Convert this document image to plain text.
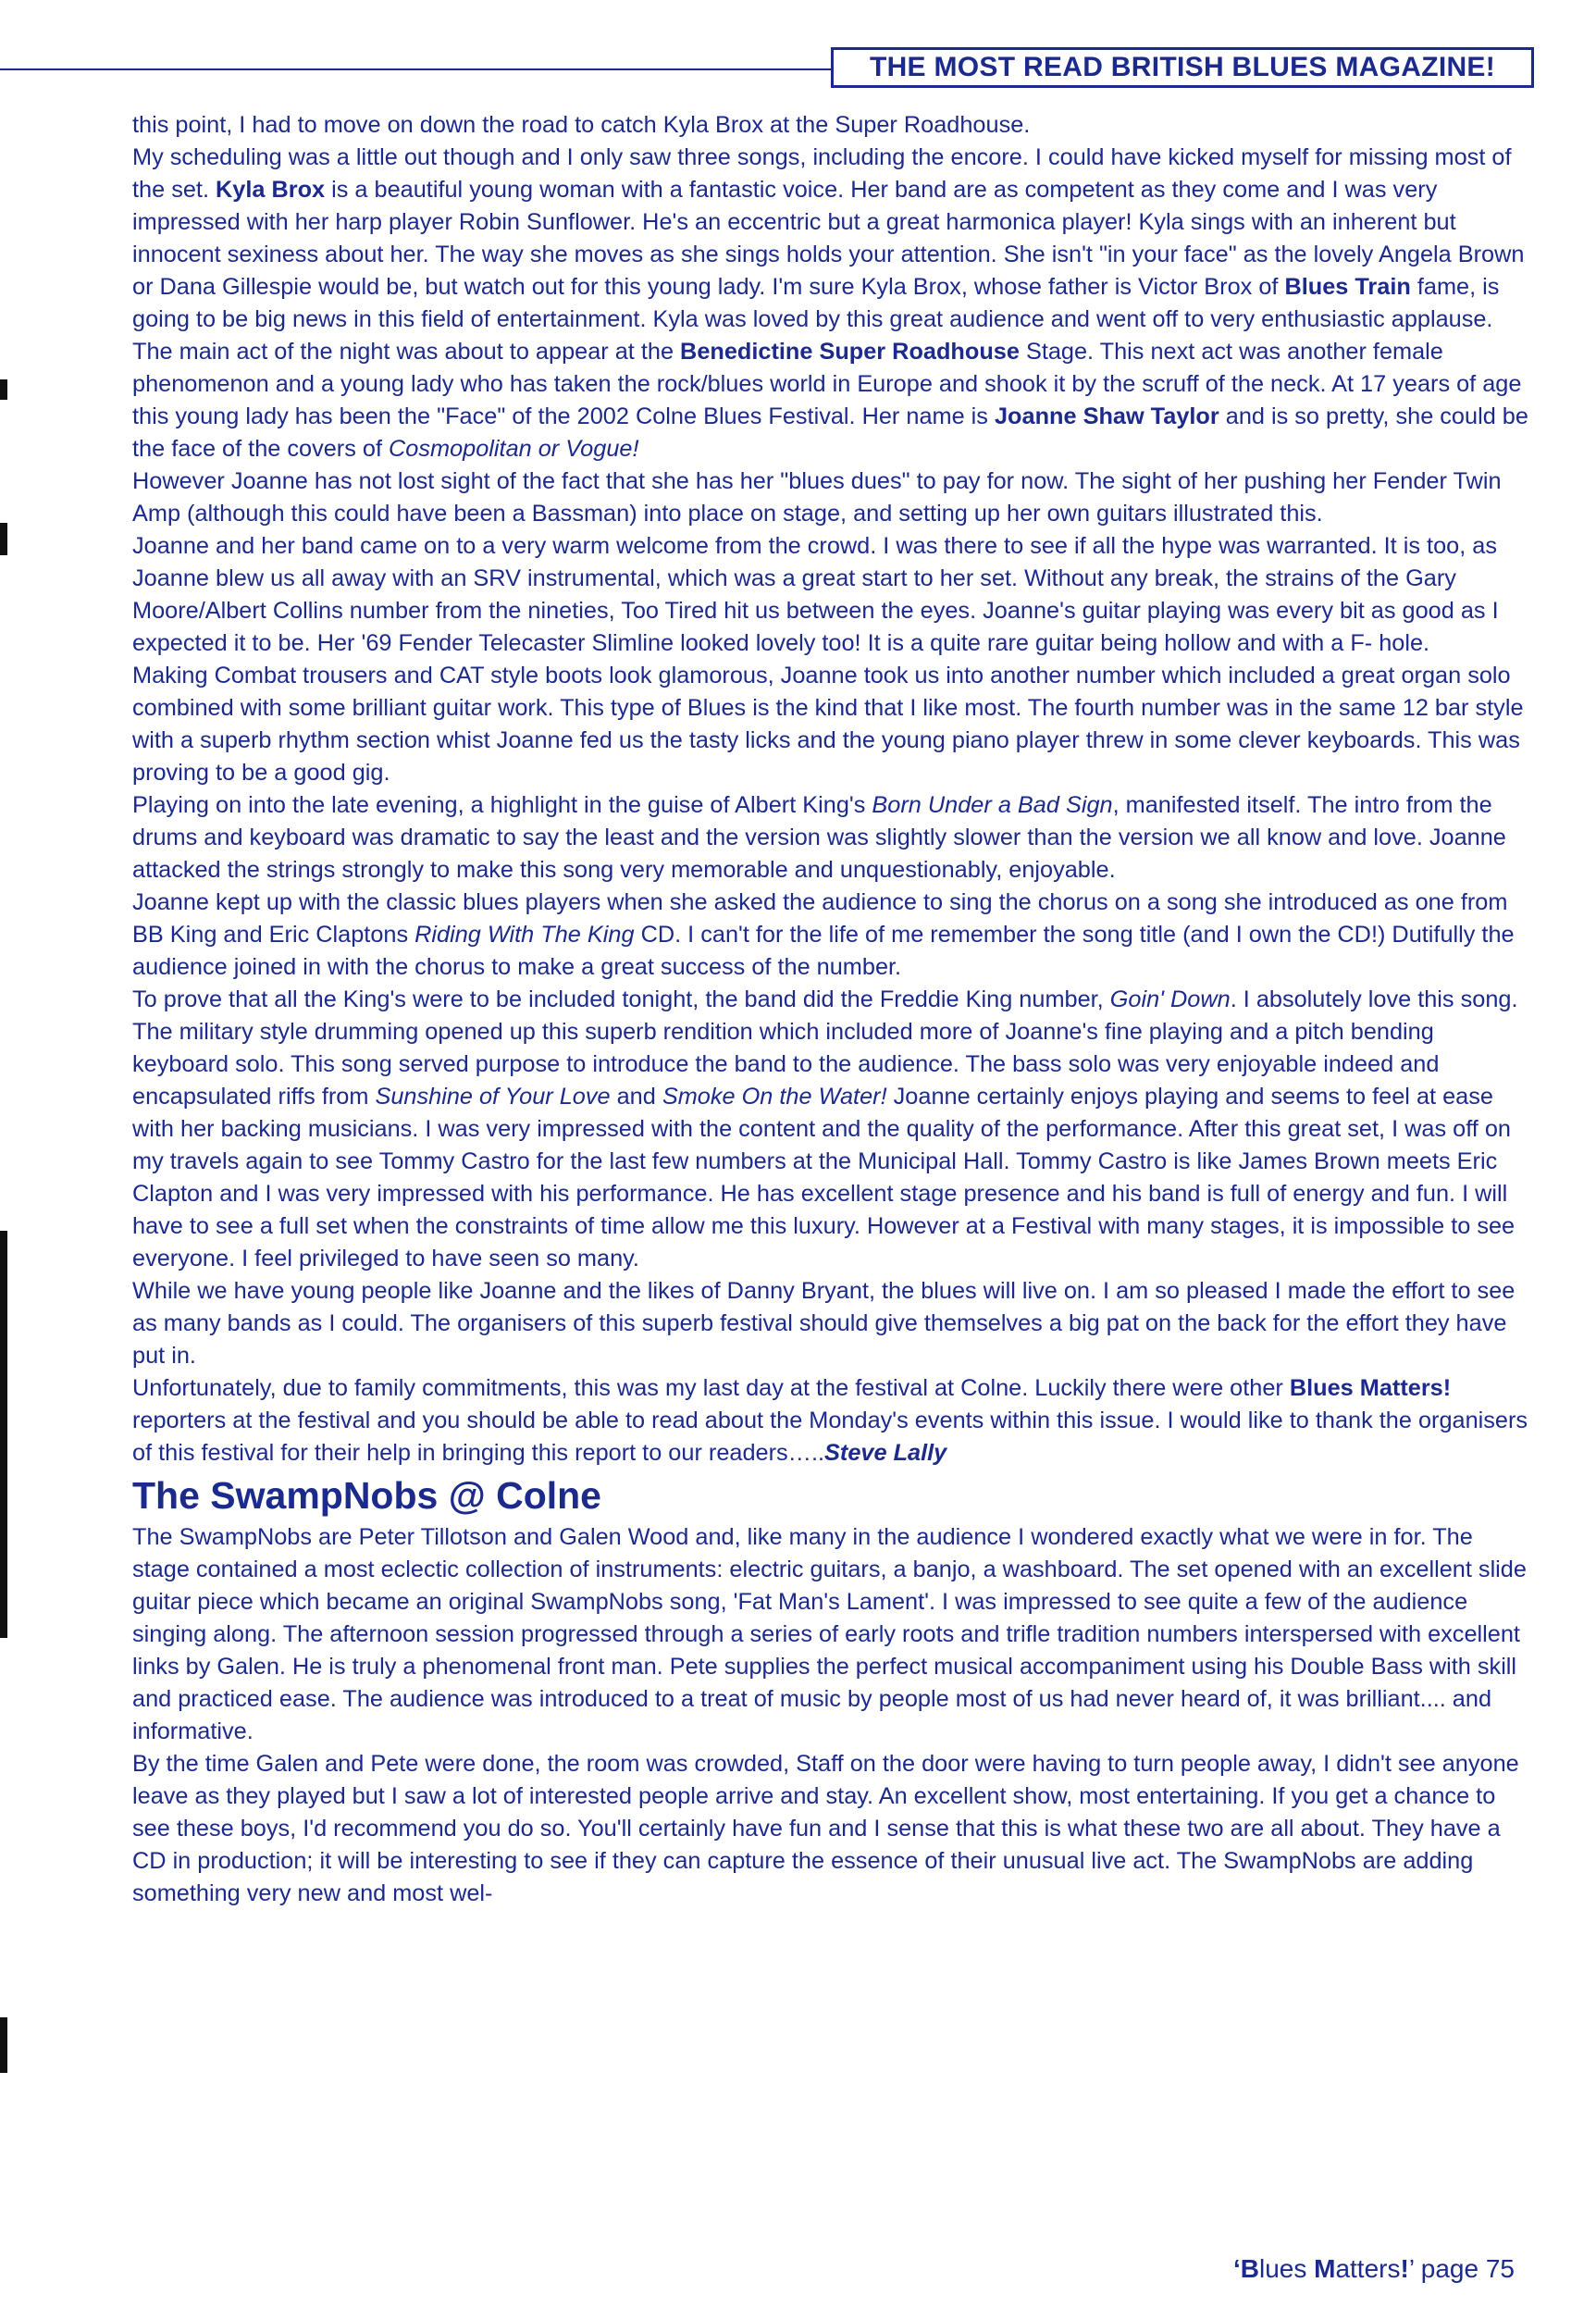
THE MOST READ BRITISH BLUES MAGAZINE!

this point, I had to move on down the road to catch Kyla Brox at the Super Roadhouse.

My scheduling was a little out though and I only saw three songs, including the encore. I could have kicked myself for missing most of the set. Kyla Brox is a beautiful young woman with a fantastic voice. Her band are as competent as they come and I was very impressed with her harp player Robin Sunflower. He's an eccentric but a great harmonica player! Kyla sings with an inherent but innocent sexiness about her. The way she moves as she sings holds your attention. She isn't "in your face" as the lovely Angela Brown or Dana Gillespie would be, but watch out for this young lady. I'm sure Kyla Brox, whose father is Victor Brox of Blues Train fame, is going to be big news in this field of entertainment. Kyla was loved by this great audience and went off to very enthusiastic applause. The main act of the night was about to appear at the Benedictine Super Roadhouse Stage. This next act was another female phenomenon and a young lady who has taken the rock/blues world in Europe and shook it by the scruff of the neck. At 17 years of age this young lady has been the "Face" of the 2002 Colne Blues Festival. Her name is Joanne Shaw Taylor and is so pretty, she could be the face of the covers of Cosmopolitan or Vogue!

However Joanne has not lost sight of the fact that she has her "blues dues" to pay for now. The sight of her pushing her Fender Twin Amp (although this could have been a Bassman) into place on stage, and setting up her own guitars illustrated this.

Joanne and her band came on to a very warm welcome from the crowd. I was there to see if all the hype was warranted. It is too, as Joanne blew us all away with an SRV instrumental, which was a great start to her set. Without any break, the strains of the Gary Moore/Albert Collins number from the nineties, Too Tired hit us between the eyes. Joanne's guitar playing was every bit as good as I expected it to be. Her '69 Fender Telecaster Slimline looked lovely too! It is a quite rare guitar being hollow and with a F- hole.

Making Combat trousers and CAT style boots look glamorous, Joanne took us into another number which included a great organ solo combined with some brilliant guitar work. This type of Blues is the kind that I like most. The fourth number was in the same 12 bar style with a superb rhythm section whist Joanne fed us the tasty licks and the young piano player threw in some clever keyboards. This was proving to be a good gig.

Playing on into the late evening, a highlight in the guise of Albert King's Born Under a Bad Sign, manifested itself. The intro from the drums and keyboard was dramatic to say the least and the version was slightly slower than the version we all know and love. Joanne attacked the strings strongly to make this song very memorable and unquestionably, enjoyable.

Joanne kept up with the classic blues players when she asked the audience to sing the chorus on a song she introduced as one from BB King and Eric Claptons Riding With The King CD. I can't for the life of me remember the song title (and I own the CD!) Dutifully the audience joined in with the chorus to make a great success of the number.

To prove that all the King's were to be included tonight, the band did the Freddie King number, Goin' Down. I absolutely love this song. The military style drumming opened up this superb rendition which included more of Joanne's fine playing and a pitch bending keyboard solo. This song served purpose to introduce the band to the audience. The bass solo was very enjoyable indeed and encapsulated riffs from Sunshine of Your Love and Smoke On the Water! Joanne certainly enjoys playing and seems to feel at ease with her backing musicians. I was very impressed with the content and the quality of the performance. After this great set, I was off on my travels again to see Tommy Castro for the last few numbers at the Municipal Hall. Tommy Castro is like James Brown meets Eric Clapton and I was very impressed with his performance. He has excellent stage presence and his band is full of energy and fun. I will have to see a full set when the constraints of time allow me this luxury. However at a Festival with many stages, it is impossible to see everyone. I feel privileged to have seen so many.

While we have young people like Joanne and the likes of Danny Bryant, the blues will live on. I am so pleased I made the effort to see as many bands as I could. The organisers of this superb festival should give themselves a big pat on the back for the effort they have put in.

Unfortunately, due to family commitments, this was my last day at the festival at Colne. Luckily there were other Blues Matters! reporters at the festival and you should be able to read about the Monday's events within this issue. I would like to thank the organisers of this festival for their help in bringing this report to our readers…..Steve Lally

The SwampNobs @ Colne

The SwampNobs are Peter Tillotson and Galen Wood and, like many in the audience I wondered exactly what we were in for. The stage contained a most eclectic collection of instruments: electric guitars, a banjo, a washboard. The set opened with an excellent slide guitar piece which became an original SwampNobs song, 'Fat Man's Lament'. I was impressed to see quite a few of the audience singing along. The afternoon session progressed through a series of early roots and trifle tradition numbers interspersed with excellent links by Galen. He is truly a phenomenal front man. Pete supplies the perfect musical accompaniment using his Double Bass with skill and practiced ease. The audience was introduced to a treat of music by people most of us had never heard of, it was brilliant.... and informative.

By the time Galen and Pete were done, the room was crowded, Staff on the door were having to turn people away, I didn't see anyone leave as they played but I saw a lot of interested people arrive and stay. An excellent show, most entertaining. If you get a chance to see these boys, I'd recommend you do so. You'll certainly have fun and I sense that this is what these two are all about. They have a CD in production; it will be interesting to see if they can capture the essence of their unusual live act. The SwampNobs are adding something very new and most wel-

‘Blues Matters!’ page 75
